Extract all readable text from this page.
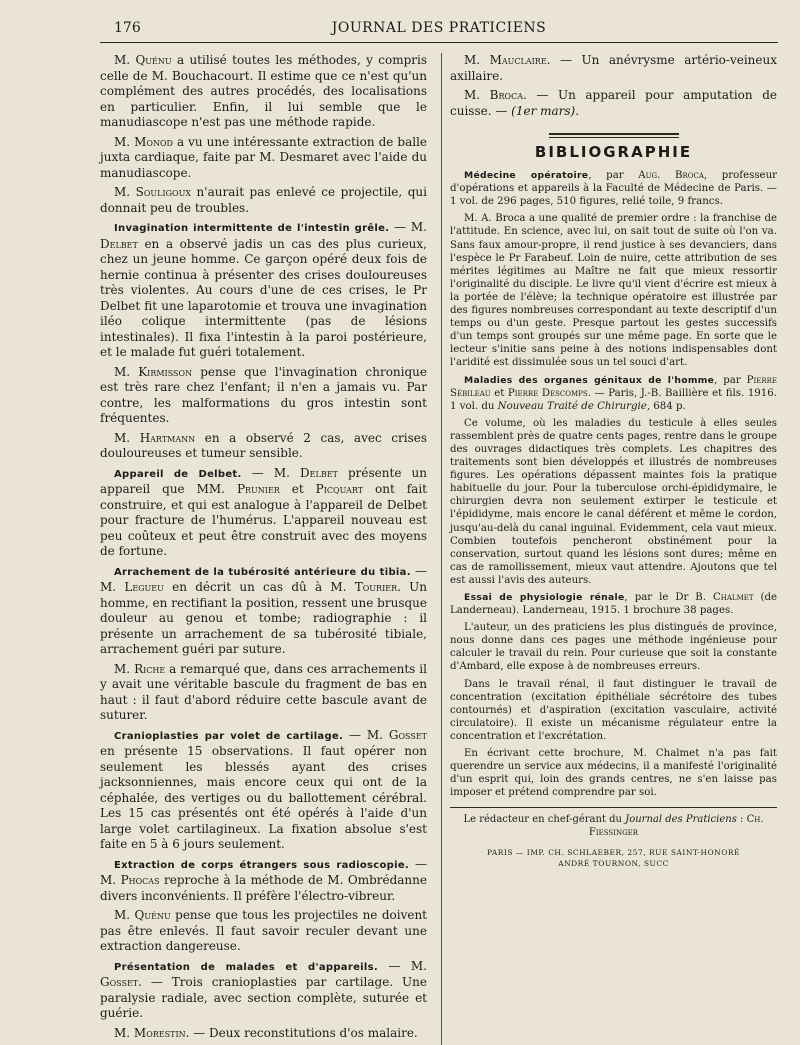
176	JOURNAL DES PRATICIENS

M. Quénu a utilisé toutes les méthodes, y compris celle de M. Bouchacourt. Il estime que ce n'est qu'un complément des autres procédés, des localisations en particulier. Enfin, il lui semble que le manudiascope n'est pas une méthode rapide.

M. Monod a vu une intéressante extraction de balle juxta cardiaque, faite par M. Desmaret avec l'aide du manudiascope.

M. Souligoux n'aurait pas enlevé ce projectile, qui donnait peu de troubles.

Invagination intermittente de l'intestin grêle. — M. Delbet en a observé jadis un cas des plus curieux, chez un jeune homme. Ce garçon opéré deux fois de hernie continua à présenter des crises douloureuses très violentes. Au cours d'une de ces crises, le Pr Delbet fit une laparotomie et trouva une invagination iléo colique intermittente (pas de lésions intestinales). Il fixa l'intestin à la paroi postérieure, et le malade fut guéri totalement.

M. Kirmisson pense que l'invagination chronique est très rare chez l'enfant; il n'en a jamais vu. Par contre, les malformations du gros intestin sont fréquentes.

M. Hartmann en a observé 2 cas, avec crises douloureuses et tumeur sensible.

Appareil de Delbet. — M. Delbet présente un appareil que MM. Prunier et Picquart ont fait construire, et qui est analogue à l'appareil de Delbet pour fracture de l'humérus. L'appareil nouveau est peu coûteux et peut être construit avec des moyens de fortune.

Arrachement de la tubérosité antérieure du tibia. — M. Legueu en décrit un cas dû à M. Tourier. Un homme, en rectifiant la position, ressent une brusque douleur au genou et tombe; radiographie : il présente un arrachement de sa tubérosité tibiale, arrachement guéri par suture.

M. Riche a remarqué que, dans ces arrachements il y avait une véritable bascule du fragment de bas en haut : il faut d'abord réduire cette bascule avant de suturer.

Cranioplasties par volet de cartilage. — M. Gosset en présente 15 observations. Il faut opérer non seulement les blessés ayant des crises jacksonniennes, mais encore ceux qui ont de la céphalée, des vertiges ou du ballottement cérébral. Les 15 cas présentés ont été opérés à l'aide d'un large volet cartilagineux. La fixation absolue s'est faite en 5 à 6 jours seulement.

Extraction de corps étrangers sous radioscopie. — M. Phocas reproche à la méthode de M. Ombrédanne divers inconvénients. Il préfère l'électro-vibreur.

M. Quénu pense que tous les projectiles ne doivent pas être enlevés. Il faut savoir reculer devant une extraction dangereuse.

Présentation de malades et d'appareils. — M. Gosset. — Trois cranioplasties par cartilage. Une paralysie radiale, avec section complète, suturée et guérie.

M. Morestin. — Deux reconstitutions d'os malaire.

M. Mauclaire. — Un anévrysme artério-veineux axillaire.

M. Broca. — Un appareil pour amputation de cuisse. — (1er mars).

BIBLIOGRAPHIE

Médecine opératoire, par Aug. Broca, professeur d'opérations et appareils à la Faculté de Médecine de Paris. — 1 vol. de 296 pages, 510 figures, relié toile, 9 francs.

M. A. Broca a une qualité de premier ordre : la franchise de l'attitude. En science, avec lui, on sait tout de suite où l'on va. Sans faux amour-propre, il rend justice à ses devanciers, dans l'espèce le Pr Farabeuf. Loin de nuire, cette attribution de ses mérites légitimes au Maître ne fait que mieux ressortir l'originalité du disciple. Le livre qu'il vient d'écrire est mieux à la portée de l'élève; la technique opératoire est illustrée par des figures nombreuses correspondant au texte descriptif d'un temps ou d'un geste. Presque partout les gestes successifs d'un temps sont groupés sur une même page. En sorte que le lecteur s'initie sans peine à des notions indispensables dont l'aridité est dissimulée sous un tel souci d'art.

Maladies des organes génitaux de l'homme, par Pierre Sébileau et Pierre Descomps. — Paris, J.-B. Baillière et fils. 1916. 1 vol. du Nouveau Traité de Chirurgie, 684 p.

Ce volume, où les maladies du testicule à elles seules rassemblent près de quatre cents pages, rentre dans le groupe des ouvrages didactiques très complets. Les chapitres des traitements sont bien développés et illustrés de nombreuses figures. Les opérations dépassent maintes fois la pratique habituelle du jour. Pour la tuberculose orchi-épididymaire, le chirurgien devra non seulement extirper le testicule et l'épididyme, mais encore le canal déférent et même le cordon, jusqu'au-delà du canal inguinal. Evidemment, cela vaut mieux. Combien toutefois pencheront obstinément pour la conservation, surtout quand les lésions sont dures; même en cas de ramollissement, mieux vaut attendre. Ajoutons que tel est aussi l'avis des auteurs.

Essai de physiologie rénale, par le Dr B. Chalmet (de Landerneau). Landerneau, 1915. 1 brochure 38 pages.

L'auteur, un des praticiens les plus distingués de province, nous donne dans ces pages une méthode ingénieuse pour calculer le travail du rein. Pour curieuse que soit la constante d'Ambard, elle expose à de nombreuses erreurs.

Dans le travail rénal, il faut distinguer le travail de concentration (excitation épithéliale sécrétoire des tubes contournés) et d'aspiration (excitation vasculaire, activité circulatoire). Il existe un mécanisme régulateur entre la concentration et l'excrétation.

En écrivant cette brochure, M. Chalmet n'a pas fait querendre un service aux médecins, il a manifesté l'originalité d'un esprit qui, loin des grands centres, ne s'en laisse pas imposer et prétend comprendre par soi.

Le rédacteur en chef-gérant du Journal des Praticiens : Ch. Fiessinger
PARIS — IMP. CH. SCHLAEBER, 257, RUE SAINT-HONORÉ
ANDRÉ TOURNON, SUCC
